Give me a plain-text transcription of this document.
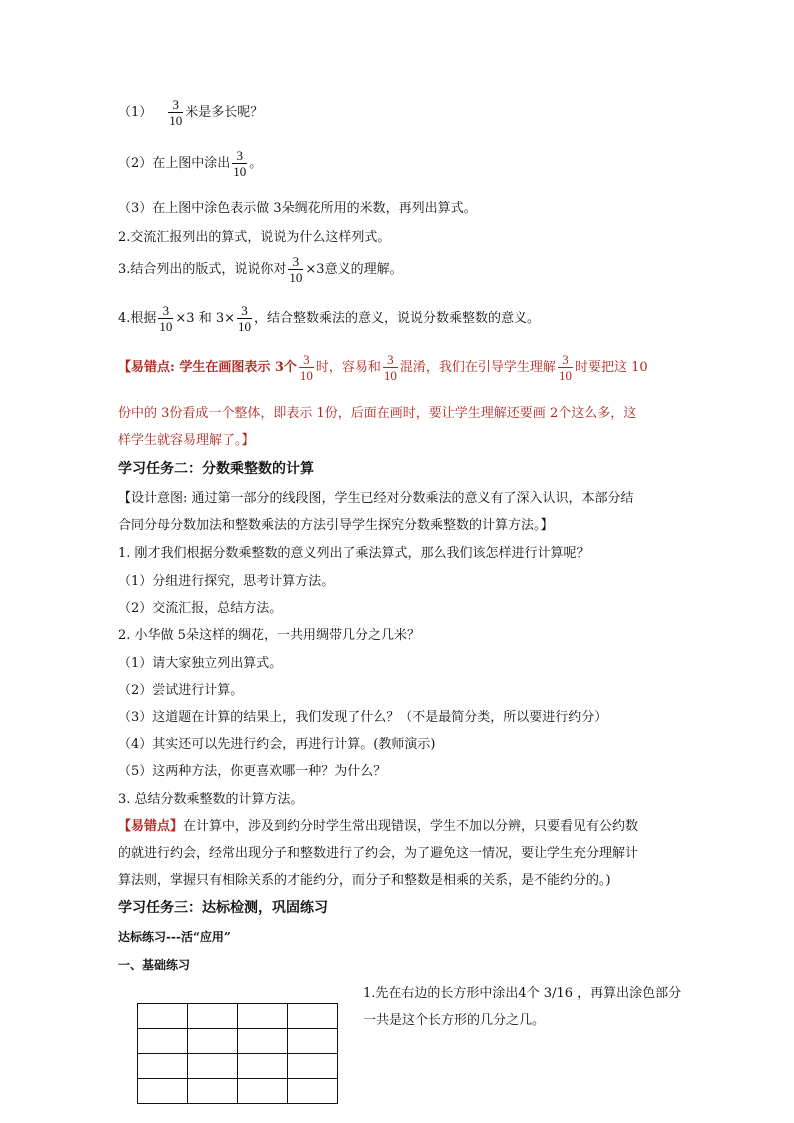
$(1) \frac{3}{10}$ 米是多长呢？
（2）在上图中涂出 $\frac{3}{10}$ 。
（3）在上图中涂色表示做 3朵绸花所用的米数，再列出算式。
2.交流汇报列出的算式，说说为什么这样列式。
3.结合列出的版式，说说你对 $\frac{3}{10} \times 3$意义的理解。
4.根据 $\frac{3}{10} \times 3$ 和 $3\times \frac{3}{10}$ ，结合整数乘法的意义，说说分数乘整数的意义。
【易错点: 学生在画图表示 3个 $\frac{3}{10}$ 时，容易和 $\frac{3}{10}$ 混淆，我们在引导学生理解 $\frac{3}{10}$ 时要把这 10
份中的 3份看成一个整体，即表示 1份，后面在画时，要让学生理解还要画 2个这么多，这
样学生就容易理解了。】
学习任务二：分数乘整数的计算
【设计意图: 通过第一部分的线段图，学生已经对分数乘法的意义有了深入认识，本部分结
合同分母分数加法和整数乘法的方法引导学生探究分数乘整数的计算方法。】
1. 刚才我们根据分数乘整数的意义列出了乘法算式，那么我们该怎样进行计算呢？
（1）分组进行探究，思考计算方法。
（2）交流汇报，总结方法。
2. 小华做 5朵这样的绸花，一共用绸带几分之几米？
（1）请大家独立列出算式。
（2）尝试进行计算。
（3）这道题在计算的结果上，我们发现了什么？（不是最简分类，所以要进行约分）
（4）其实还可以先进行约会，再进行计算。(教师演示)
（5）这两种方法，你更喜欢哪一种？为什么？
3. 总结分数乘整数的计算方法。
【易错点】在计算中，涉及到约分时学生常出现错误，学生不加以分辨，只要看见有公约数
的就进行约会，经常出现分子和整数进行了约会，为了避免这一情况，要让学生充分理解计
算法则，掌握只有相除关系的才能约分，而分子和整数是相乘的关系，是不能约分的。)
学习任务三：达标检测，巩固练习
达标练习---活“应用”
一、基础练习

1.先在右边的长方形中涂出4个 3/16 ，再算出涂色部分一共是这个长方形的几分之几。
